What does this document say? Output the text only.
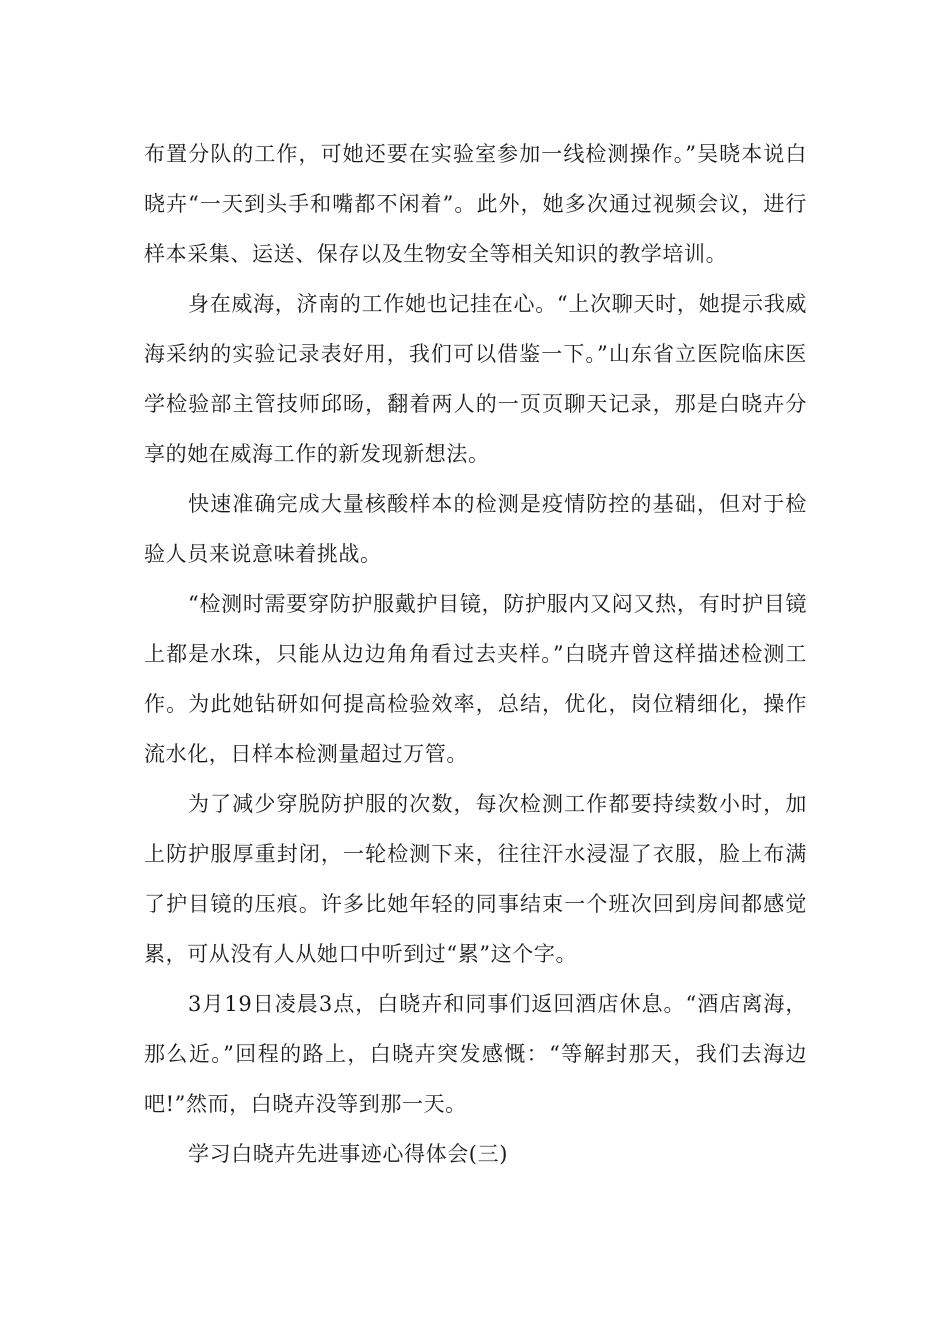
布置分队的工作，可她还要在实验室参加一线检测操作。”吴晓本说白晓卉“一天到头手和嘴都不闲着”。此外，她多次通过视频会议，进行样本采集、运送、保存以及生物安全等相关知识的教学培训。

身在威海，济南的工作她也记挂在心。“上次聊天时，她提示我威海采纳的实验记录表好用，我们可以借鉴一下。”山东省立医院临床医学检验部主管技师邱旸，翻着两人的一页页聊天记录，那是白晓卉分享的她在威海工作的新发现新想法。

快速准确完成大量核酸样本的检测是疫情防控的基础，但对于检验人员来说意味着挑战。

“检测时需要穿防护服戴护目镜，防护服内又闷又热，有时护目镜上都是水珠，只能从边边角角看过去夹样。”白晓卉曾这样描述检测工作。为此她钻研如何提高检验效率，总结，优化，岗位精细化，操作流水化，日样本检测量超过万管。

为了减少穿脱防护服的次数，每次检测工作都要持续数小时，加上防护服厚重封闭，一轮检测下来，往往汗水浸湿了衣服，脸上布满了护目镜的压痕。许多比她年轻的同事结束一个班次回到房间都感觉累，可从没有人从她口中听到过“累”这个字。

3月19日凌晨3点，白晓卉和同事们返回酒店休息。“酒店离海，那么近。”回程的路上，白晓卉突发感慨：“等解封那天，我们去海边吧!”然而，白晓卉没等到那一天。

学习白晓卉先进事迹心得体会(三)
